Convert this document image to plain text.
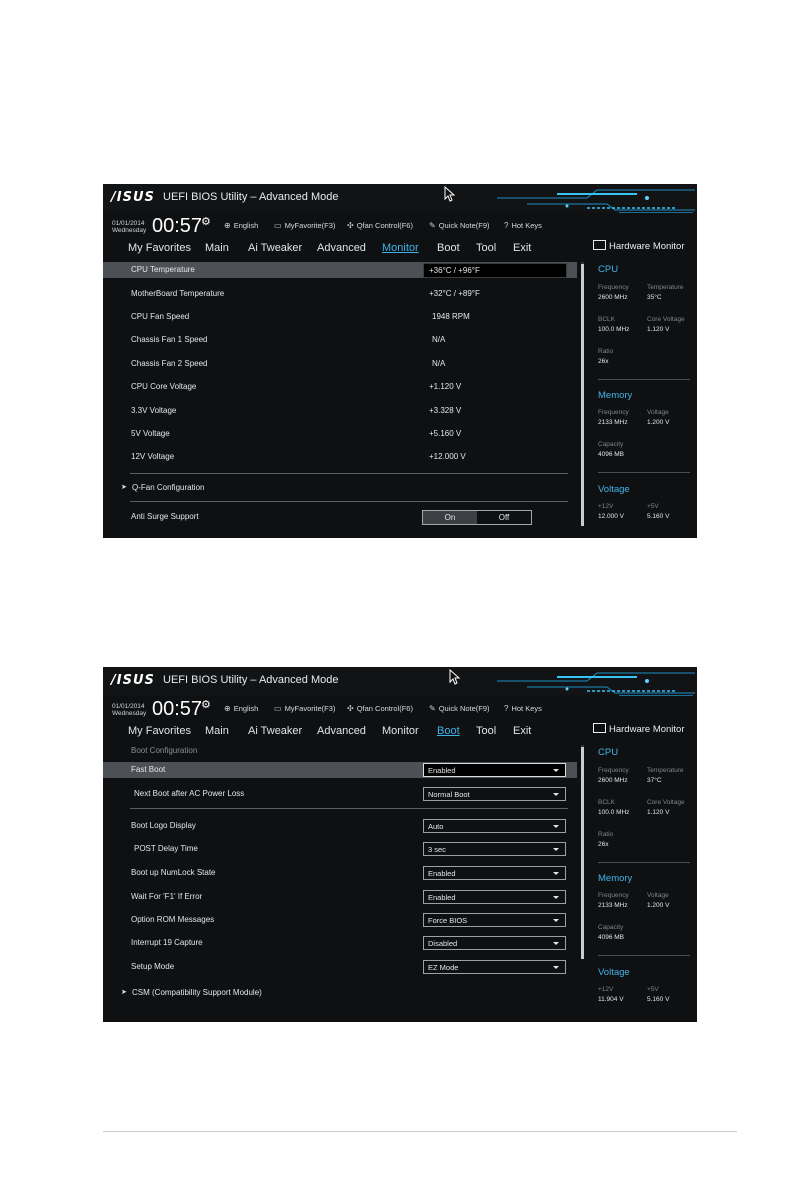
/ISUS UEFI BIOS Utility – Advanced Mode
01/01/2014
Wednesday 00:57
⚙ ⊕ English ▭ MyFavorite(F3) ✣ Qfan Control(F6) ✎ Quick Note(F9) ? Hot Keys
My Favorites Main Ai Tweaker Advanced Monitor Boot Tool Exit	Hardware Monitor
CPU Temperature	+36°C / +96°F
MotherBoard Temperature	+32°C / +89°F
CPU Fan Speed	1948 RPM
Chassis Fan 1 Speed	N/A
Chassis Fan 2 Speed	N/A
CPU Core Voltage	+1.120 V
3.3V Voltage	+3.328 V
5V Voltage	+5.160 V
12V Voltage	+12.000 V
➤ Q-Fan Configuration
Anti Surge Support	On	Off
CPU
Frequency	Temperature
2600 MHz	35°C
BCLK	Core Voltage
100.0 MHz	1.120 V
Ratio
26x
Memory
Frequency	Voltage
2133 MHz	1.200 V
Capacity
4096 MB
Voltage
+12V	+5V
12.000 V	5.160 V
/ISUS UEFI BIOS Utility – Advanced Mode
01/01/2014
Wednesday 00:57
⚙ ⊕ English ▭ MyFavorite(F3) ✣ Qfan Control(F6) ✎ Quick Note(F9) ? Hot Keys
My Favorites Main Ai Tweaker Advanced Monitor Boot Tool Exit	Hardware Monitor
Boot Configuration
Fast Boot	Enabled
Next Boot after AC Power Loss	Normal Boot
Boot Logo Display	Auto
POST Delay Time	3 sec
Boot up NumLock State	Enabled
Wait For 'F1' If Error	Enabled
Option ROM Messages	Force BIOS
Interrupt 19 Capture	Disabled
Setup Mode	EZ Mode
➤ CSM (Compatibility Support Module)
CPU
Frequency	Temperature
2600 MHz	37°C
BCLK	Core Voltage
100.0 MHz	1.120 V
Ratio
26x
Memory
Frequency	Voltage
2133 MHz	1.200 V
Capacity
4096 MB
Voltage
+12V	+5V
11.904 V	5.160 V
